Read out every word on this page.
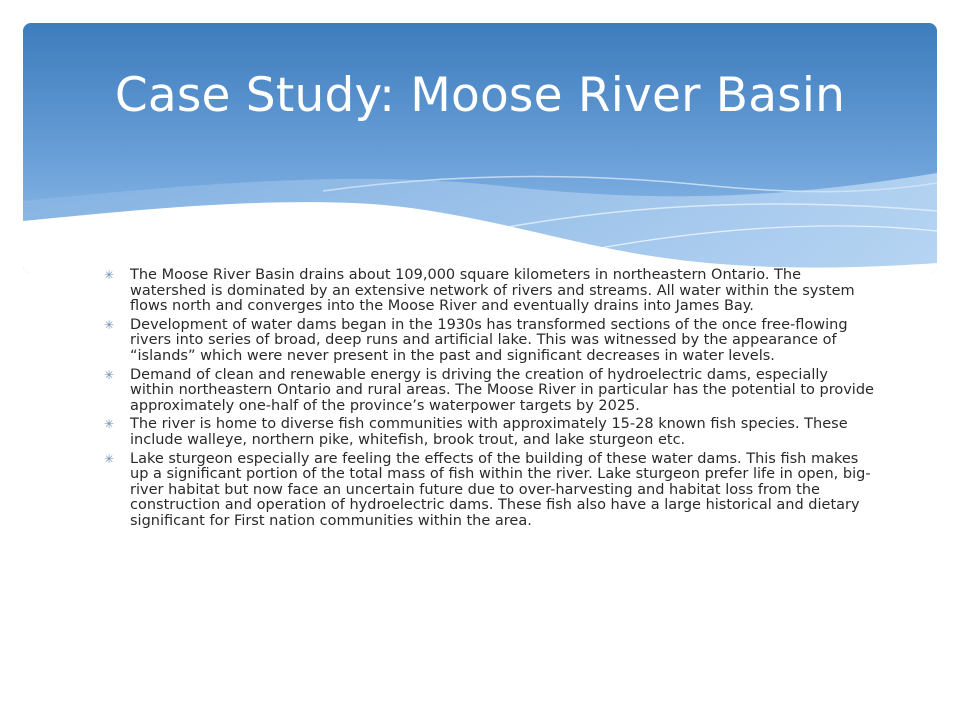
Case Study: Moose River Basin
✳ The Moose River Basin drains about 109,000 square kilometers in northeastern Ontario. The watershed is dominated by an extensive network of rivers and streams. All water within the system flows north and converges into the Moose River and eventually drains into James Bay.
✳ Development of water dams began in the 1930s has transformed sections of the once free-flowing rivers into series of broad, deep runs and artificial lake. This was witnessed by the appearance of “islands” which were never present in the past and significant decreases in water levels.
✳ Demand of clean and renewable energy is driving the creation of hydroelectric dams, especially within northeastern Ontario and rural areas. The Moose River in particular has the potential to provide approximately one-half of the province’s waterpower targets by 2025.
✳ The river is home to diverse fish communities with approximately 15-28 known fish species. These include walleye, northern pike, whitefish, brook trout, and lake sturgeon etc.
✳ Lake sturgeon especially are feeling the effects of the building of these water dams. This fish makes up a significant portion of the total mass of fish within the river. Lake sturgeon prefer life in open, big-river habitat but now face an uncertain future due to over-harvesting and habitat loss from the construction and operation of hydroelectric dams. These fish also have a large historical and dietary significant for First nation communities within the area.
